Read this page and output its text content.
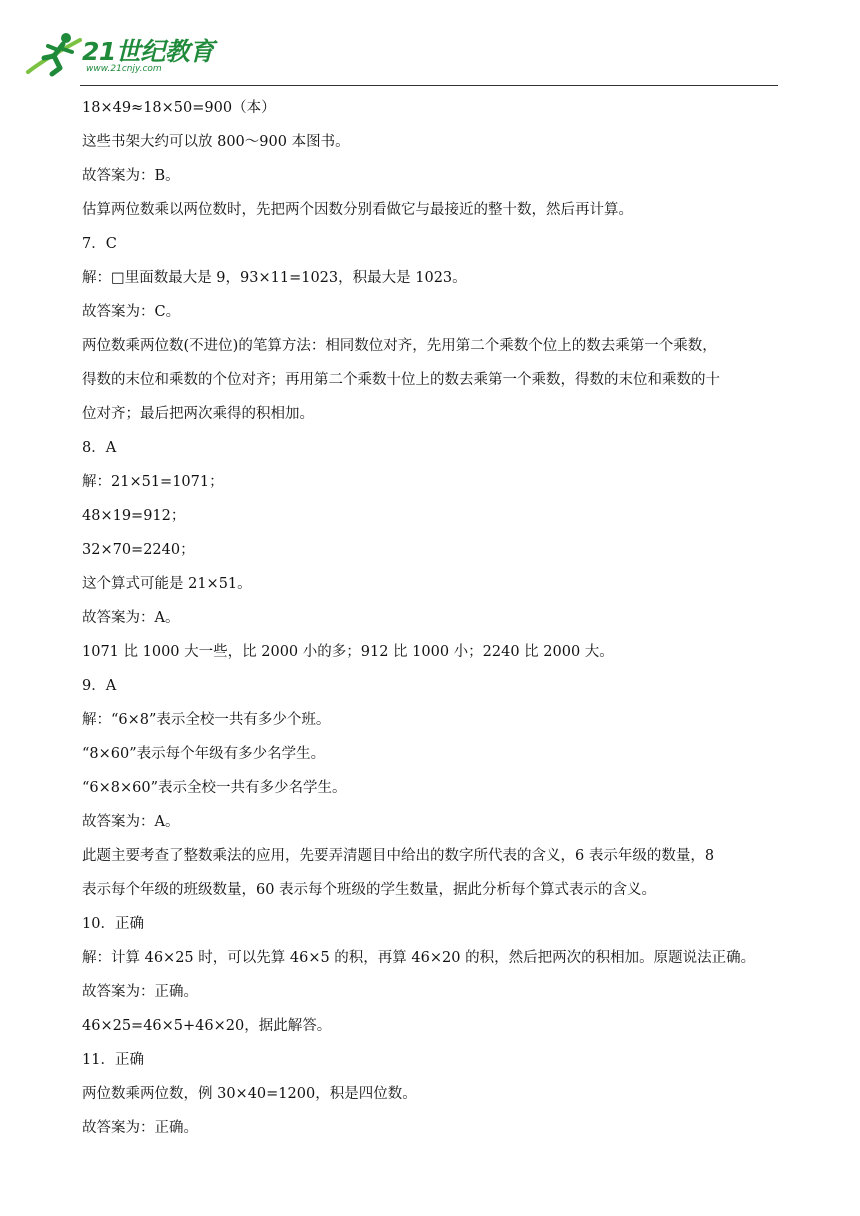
21世纪教育
www.21cnjy.com
18×49≈18×50=900（本）
这些书架大约可以放 800～900 本图书。
故答案为：B。
估算两位数乘以两位数时，先把两个因数分别看做它与最接近的整十数，然后再计算。
7．C
解：□里面数最大是 9，93×11=1023，积最大是 1023。
故答案为：C。
两位数乘两位数(不进位)的笔算方法：相同数位对齐，先用第二个乘数个位上的数去乘第一个乘数，
得数的末位和乘数的个位对齐；再用第二个乘数十位上的数去乘第一个乘数，得数的末位和乘数的十
位对齐；最后把两次乘得的积相加。
8．A
解：21×51=1071；
48×19=912；
32×70=2240；
这个算式可能是 21×51。
故答案为：A。
1071 比 1000 大一些，比 2000 小的多；912 比 1000 小；2240 比 2000 大。
9．A
解：“6×8”表示全校一共有多少个班。
“8×60”表示每个年级有多少名学生。
“6×8×60”表示全校一共有多少名学生。
故答案为：A。
此题主要考查了整数乘法的应用，先要弄清题目中给出的数字所代表的含义，6 表示年级的数量，8
表示每个年级的班级数量，60 表示每个班级的学生数量，据此分析每个算式表示的含义。
10．正确
解：计算 46×25 时，可以先算 46×5 的积，再算 46×20 的积，然后把两次的积相加。原题说法正确。
故答案为：正确。
46×25=46×5+46×20，据此解答。
11．正确
两位数乘两位数，例 30×40=1200，积是四位数。
故答案为：正确。
